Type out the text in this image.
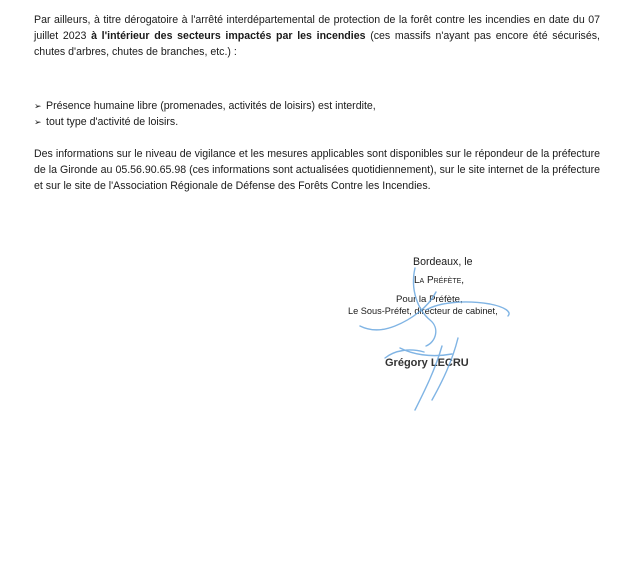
Par ailleurs, à titre dérogatoire à l'arrêté interdépartemental de protection de la forêt contre les incendies en date du 07 juillet 2023 à l'intérieur des secteurs impactés par les incendies (ces massifs n'ayant pas encore été sécurisés, chutes d'arbres, chutes de branches, etc.) :

➢ Présence humaine libre (promenades, activités de loisirs) est interdite,
➢ tout type d'activité de loisirs.

Des informations sur le niveau de vigilance et les mesures applicables sont disponibles sur le répondeur de la préfecture de la Gironde au 05.56.90.65.98 (ces informations sont actualisées quotidiennement), sur le site internet de la préfecture et sur le site de l'Association Régionale de Défense des Forêts Contre les Incendies.

Bordeaux, le
La Préfète,
Pour la Préfète,
Le Sous-Préfet, directeur de cabinet,
Grégory LECRU
